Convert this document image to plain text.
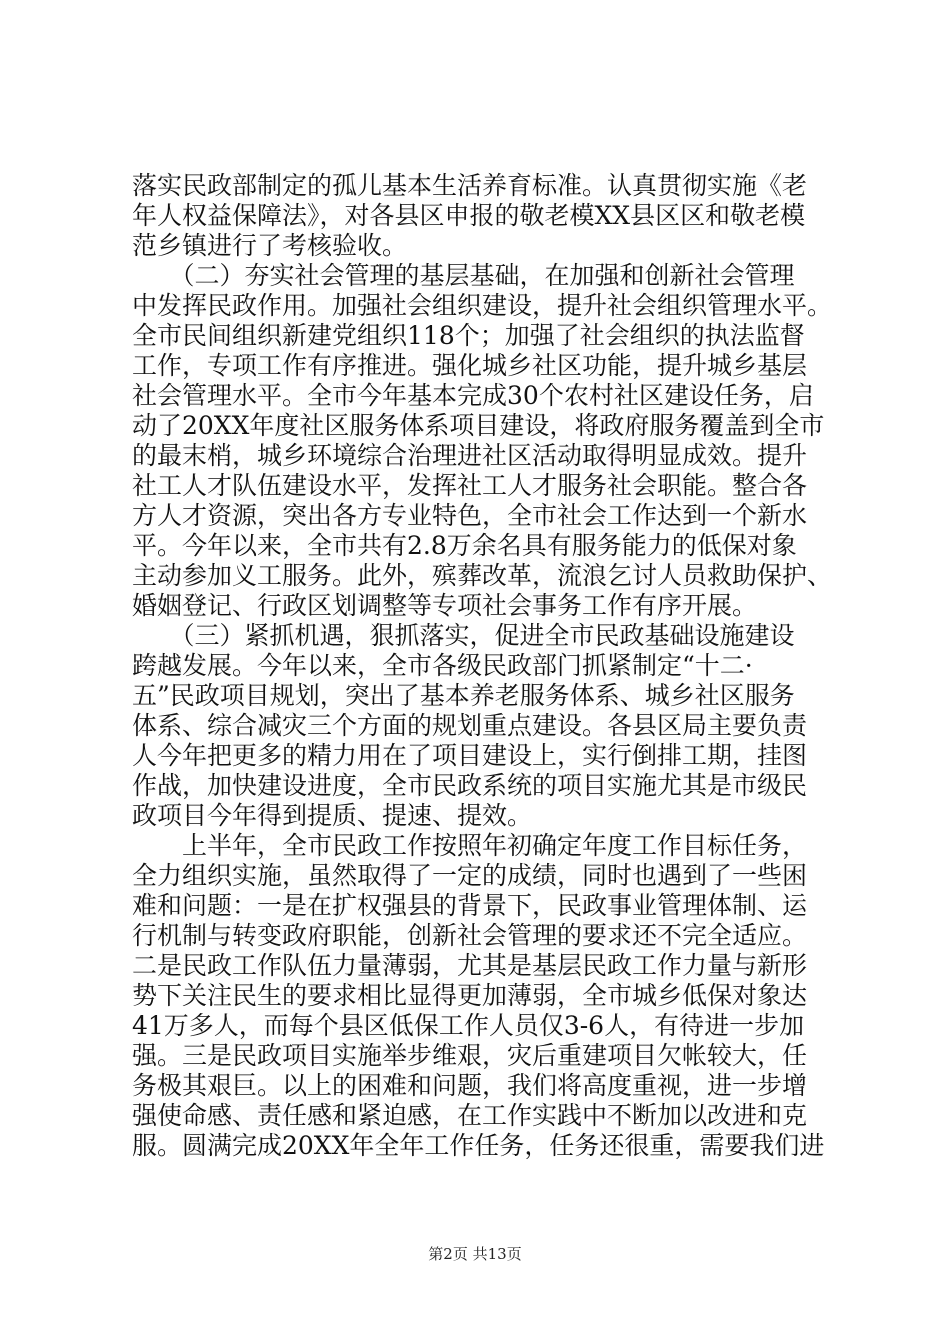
落实民政部制定的孤儿基本生活养育标准。认真贯彻实施《老
年人权益保障法》，对各县区申报的敬老模XX县区区和敬老模
范乡镇进行了考核验收。
　　（二）夯实社会管理的基层基础，在加强和创新社会管理
中发挥民政作用。加强社会组织建设，提升社会组织管理水平。
全市民间组织新建党组织118个；加强了社会组织的执法监督
工作，专项工作有序推进。强化城乡社区功能，提升城乡基层
社会管理水平。全市今年基本完成30个农村社区建设任务，启
动了20XX年度社区服务体系项目建设，将政府服务覆盖到全市
的最末梢，城乡环境综合治理进社区活动取得明显成效。提升
社工人才队伍建设水平，发挥社工人才服务社会职能。整合各
方人才资源，突出各方专业特色，全市社会工作达到一个新水
平。今年以来，全市共有2.8万余名具有服务能力的低保对象
主动参加义工服务。此外，殡葬改革，流浪乞讨人员救助保护、
婚姻登记、行政区划调整等专项社会事务工作有序开展。
　　（三）紧抓机遇，狠抓落实，促进全市民政基础设施建设
跨越发展。今年以来，全市各级民政部门抓紧制定“十二·
五”民政项目规划，突出了基本养老服务体系、城乡社区服务
体系、综合减灾三个方面的规划重点建设。各县区局主要负责
人今年把更多的精力用在了项目建设上，实行倒排工期，挂图
作战，加快建设进度，全市民政系统的项目实施尤其是市级民
政项目今年得到提质、提速、提效。
　　上半年，全市民政工作按照年初确定年度工作目标任务，
全力组织实施，虽然取得了一定的成绩，同时也遇到了一些困
难和问题：一是在扩权强县的背景下，民政事业管理体制、运
行机制与转变政府职能，创新社会管理的要求还不完全适应。
二是民政工作队伍力量薄弱，尤其是基层民政工作力量与新形
势下关注民生的要求相比显得更加薄弱，全市城乡低保对象达
41万多人，而每个县区低保工作人员仅3-6人，有待进一步加
强。三是民政项目实施举步维艰，灾后重建项目欠帐较大，任
务极其艰巨。以上的困难和问题，我们将高度重视，进一步增
强使命感、责任感和紧迫感，在工作实践中不断加以改进和克
服。圆满完成20XX年全年工作任务，任务还很重，需要我们进
第2页 共13页
